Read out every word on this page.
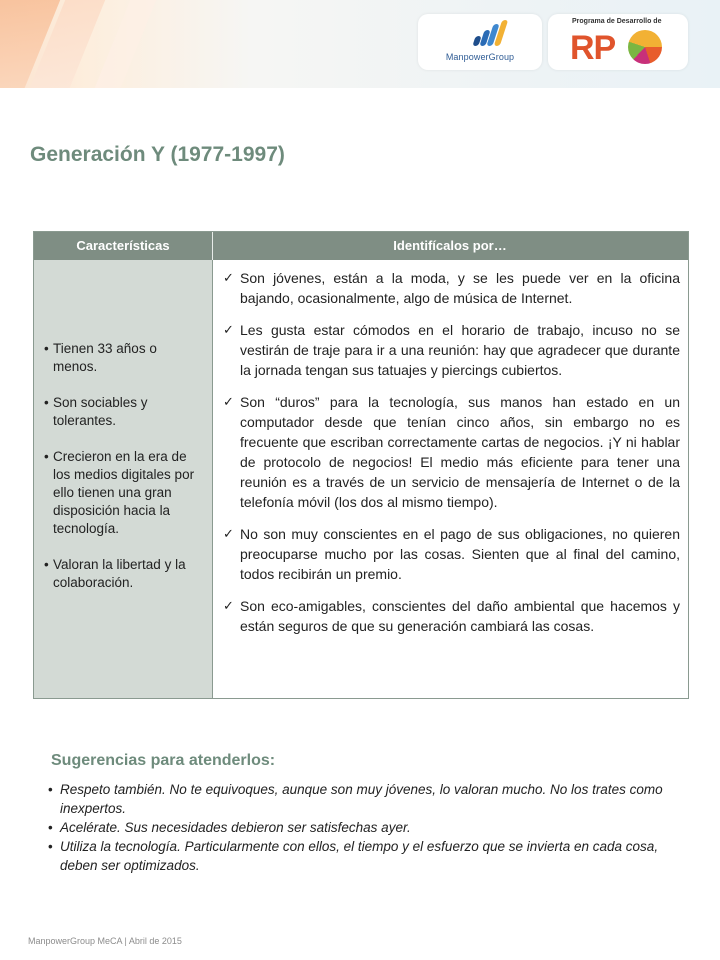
ManpowerGroup
Programa de Desarrollo de
RP
Generación Y (1977-1997)
Características	Identifícalos por…
• Tienen 33 años o menos.
• Son sociables y tolerantes.
• Crecieron en la era de los medios digitales por ello tienen una gran disposición hacia la tecnología.
• Valoran la libertad y la colaboración.
✓ Son jóvenes, están a la moda, y se les puede ver en la oficina bajando, ocasionalmente, algo de música de Internet.
✓ Les gusta estar cómodos en el horario de trabajo, incuso no se vestirán de traje para ir a una reunión: hay que agradecer que durante la jornada tengan sus tatuajes y piercings cubiertos.
✓ Son “duros” para la tecnología, sus manos han estado en un computador desde que tenían cinco años, sin embargo no es frecuente que escriban correctamente cartas de negocios. ¡Y ni hablar de protocolo de negocios! El medio más eficiente para tener una reunión es a través de un servicio de mensajería de Internet o de la telefonía móvil (los dos al mismo tiempo).
✓ No son muy conscientes en el pago de sus obligaciones, no quieren preocuparse mucho por las cosas. Sienten que al final del camino, todos recibirán un premio.
✓ Son eco-amigables, conscientes del daño ambiental que hacemos y están seguros de que su generación cambiará las cosas.
Sugerencias para atenderlos:
• Respeto también. No te equivoques, aunque son muy jóvenes, lo valoran mucho. No los trates como inexpertos.
• Acelérate. Sus necesidades debieron ser satisfechas ayer.
• Utiliza la tecnología. Particularmente con ellos, el tiempo y el esfuerzo que se invierta en cada cosa, deben ser optimizados.
ManpowerGroup MeCA | Abril de 2015
